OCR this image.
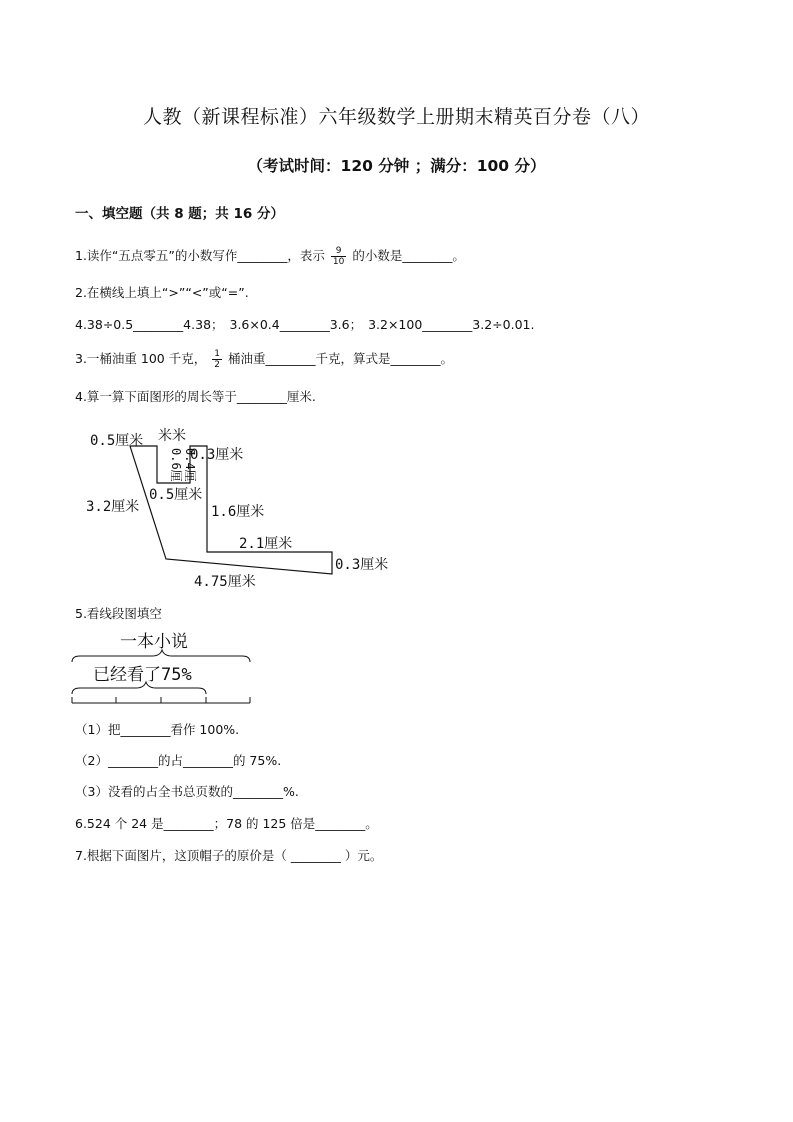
人教（新课程标准）六年级数学上册期末精英百分卷（八）
（考试时间：120 分钟 ；满分：100 分）
一、填空题（共 8 题；共 16 分）
1.读作“五点零五”的小数写作________，表示 $\frac{9}{10}$ 的小数是________。
2.在横线上填上“>”“<”或“=”.
4.38÷0.5________4.38； 3.6×0.4________3.6； 3.2×100________3.2÷0.01.
3.一桶油重 100 千克， $\frac{1}{2}$ 桶油重________千克，算式是________。
4.算一算下面图形的周长等于________厘米.
0.5厘米 米米
0.3厘米
3.2厘米
0.5厘米
1.6厘米
2.1厘米
0.3厘米
4.75厘米
0.6厘 0.4厘
一本小说
已经看了75%
5.看线段图填空
（1）把________看作 100%.
（2）________的占________的 75%.
（3）没看的占全书总页数的________%.
6.524 个 24 是________；78 的 125 倍是________。
7.根据下面图片，这顶帽子的原价是（ ________ ）元。
